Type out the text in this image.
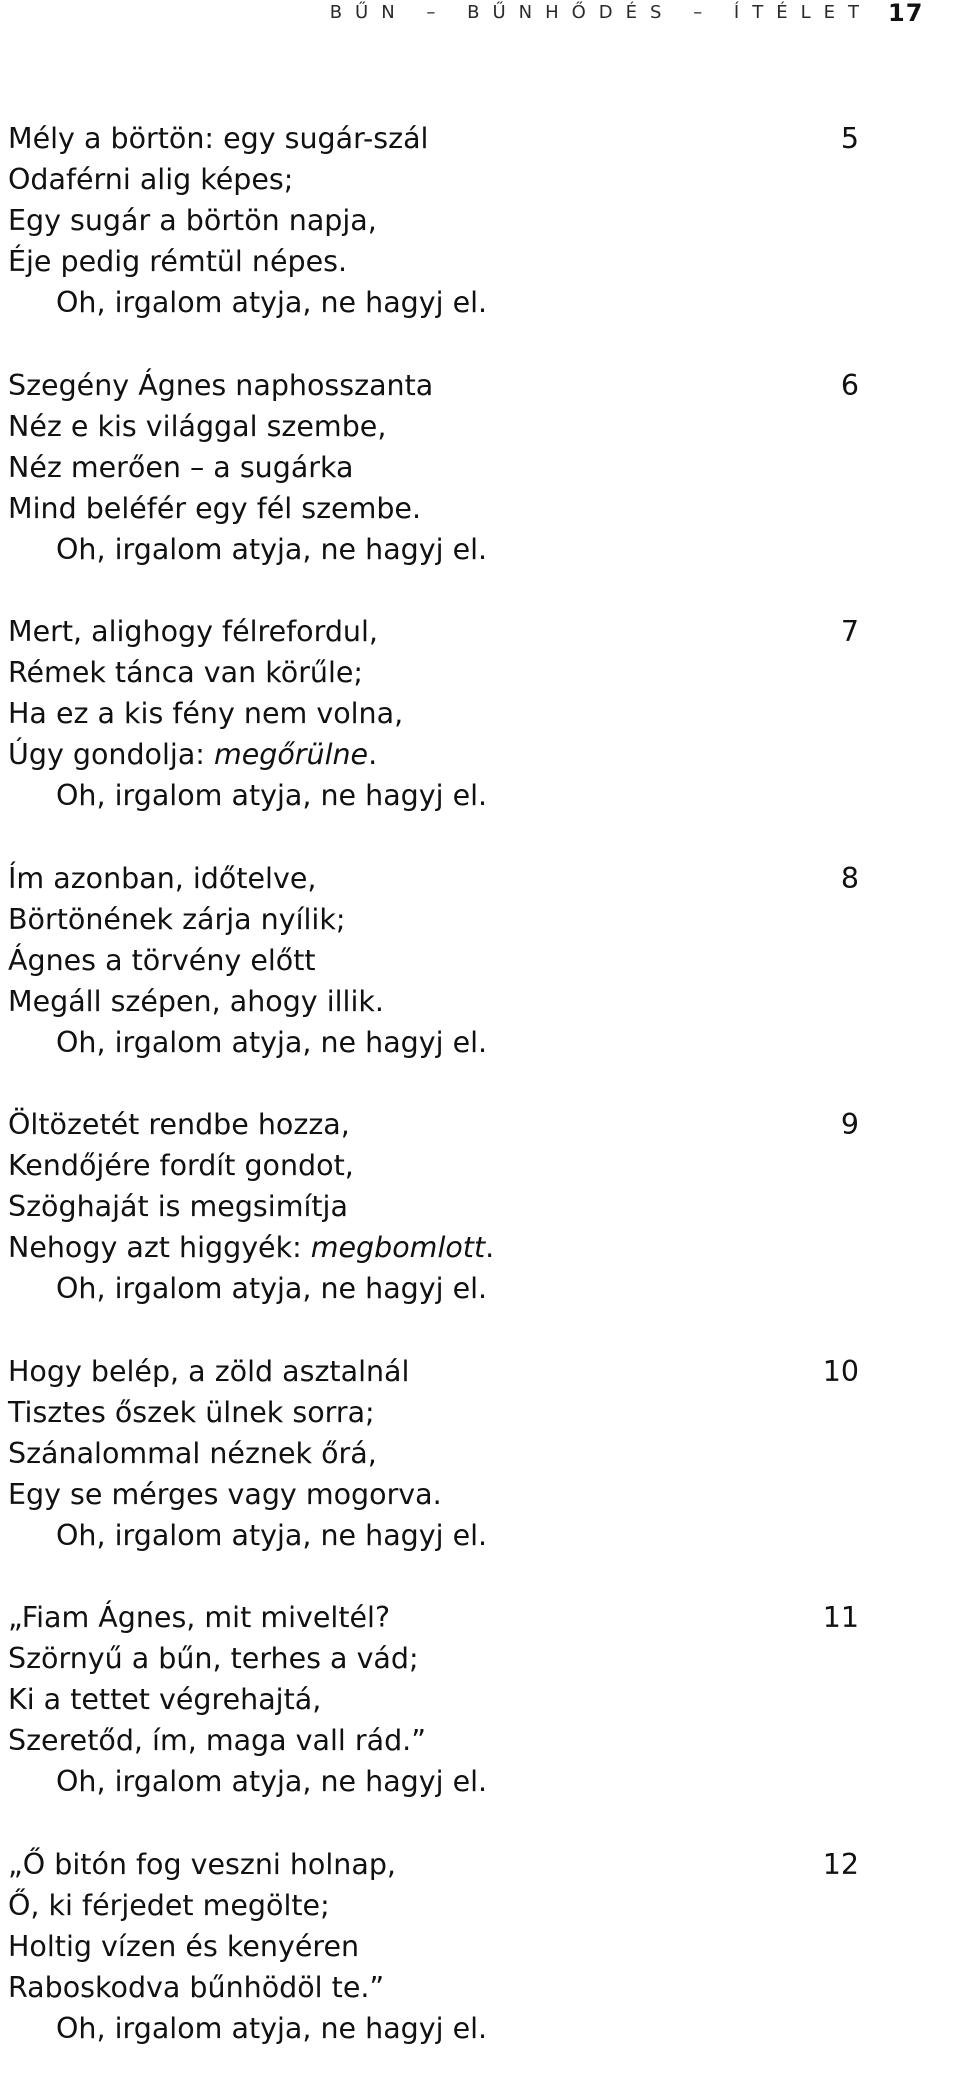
BŰN – BŰNHŐDÉS – ÍTÉLET 17
5
Mély a börtön: egy sugár-szál
Odaférni alig képes;
Egy sugár a börtön napja,
Éje pedig rémtül népes.
Oh, irgalom atyja, ne hagyj el.
6
Szegény Ágnes naphosszanta
Néz e kis világgal szembe,
Néz merően – a sugárka
Mind beléfér egy fél szembe.
Oh, irgalom atyja, ne hagyj el.
7
Mert, alighogy félrefordul,
Rémek tánca van körűle;
Ha ez a kis fény nem volna,
Úgy gondolja: megőrülne.
Oh, irgalom atyja, ne hagyj el.
8
Ím azonban, időtelve,
Börtönének zárja nyílik;
Ágnes a törvény előtt
Megáll szépen, ahogy illik.
Oh, irgalom atyja, ne hagyj el.
9
Öltözetét rendbe hozza,
Kendőjére fordít gondot,
Szöghaját is megsimítja
Nehogy azt higgyék: megbomlott.
Oh, irgalom atyja, ne hagyj el.
10
Hogy belép, a zöld asztalnál
Tisztes őszek ülnek sorra;
Szánalommal néznek őrá,
Egy se mérges vagy mogorva.
Oh, irgalom atyja, ne hagyj el.
11
„Fiam Ágnes, mit miveltél?
Szörnyű a bűn, terhes a vád;
Ki a tettet végrehajtá,
Szeretőd, ím, maga vall rád.”
Oh, irgalom atyja, ne hagyj el.
12
„Ő bitón fog veszni holnap,
Ő, ki férjedet megölte;
Holtig vízen és kenyéren
Raboskodva bűnhödöl te.”
Oh, irgalom atyja, ne hagyj el.
